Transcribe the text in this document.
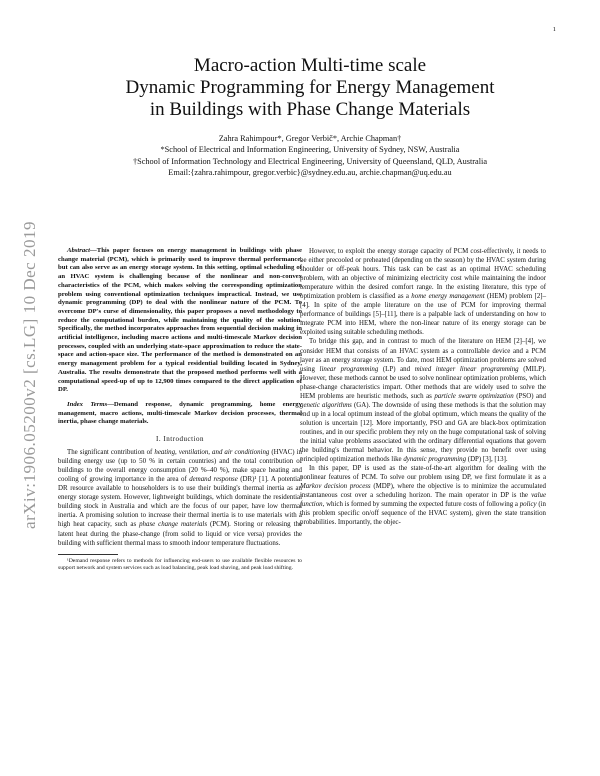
1
arXiv:1906.05200v2 [cs.LG] 10 Dec 2019
Macro-action Multi-time scale
Dynamic Programming for Energy Management
in Buildings with Phase Change Materials
Zahra Rahimpour*, Gregor Verbič*, Archie Chapman†
*School of Electrical and Information Engineering, University of Sydney, NSW, Australia
†School of Information Technology and Electrical Engineering, University of Queensland, QLD, Australia
Email:{zahra.rahimpour, gregor.verbic}@sydney.edu.au, archie.chapman@uq.edu.au

Abstract—This paper focuses on energy management in buildings with phase change material (PCM), which is primarily used to improve thermal performance, but can also serve as an energy storage system. In this setting, optimal scheduling of an HVAC system is challenging because of the nonlinear and non-convex characteristics of the PCM, which makes solving the corresponding optimization problem using conventional optimization techniques impractical. Instead, we use dynamic programming (DP) to deal with the nonlinear nature of the PCM. To overcome DP's curse of dimensionality, this paper proposes a novel methodology to reduce the computational burden, while maintaining the quality of the solution. Specifically, the method incorporates approaches from sequential decision making in artificial intelligence, including macro actions and multi-timescale Markov decision processes, coupled with an underlying state-space approximation to reduce the state-space and action-space size. The performance of the method is demonstrated on an energy management problem for a typical residential building located in Sydney, Australia. The results demonstrate that the proposed method performs well with a computational speed-up of up to 12,900 times compared to the direct application of DP.

Index Terms—Demand response, dynamic programming, home energy management, macro actions, multi-timescale Markov decision processes, thermal inertia, phase change materials.

I. Introduction

The significant contribution of heating, ventilation, and air conditioning (HVAC) in building energy use (up to 50 % in certain countries) and the total contribution of buildings to the overall energy consumption (20 %–40 %), make space heating and cooling of growing importance in the area of demand response (DR)¹ [1]. A potential DR resource available to householders is to use their building's thermal inertia as an energy storage system. However, lightweight buildings, which dominate the residential building stock in Australia and which are the focus of our paper, have low thermal inertia. A promising solution to increase their thermal inertia is to use materials with a high heat capacity, such as phase change materials (PCM). Storing or releasing the latent heat during the phase-change (from solid to liquid or vice versa) provides the building with sufficient thermal mass to smooth indoor temperature fluctuations.

¹Demand response refers to methods for influencing end-users to use available flexible resources to support network and system services such as load balancing, peak load shaving, and peak load shifting.

However, to exploit the energy storage capacity of PCM cost-effectively, it needs to be either precooled or preheated (depending on the season) by the HVAC system during shoulder or off-peak hours. This task can be cast as an optimal HVAC scheduling problem, with an objective of minimizing electricity cost while maintaining the indoor temperature within the desired comfort range. In the existing literature, this type of optimization problem is classified as a home energy management (HEM) problem [2]–[4]. In spite of the ample literature on the use of PCM for improving thermal performance of buildings [5]–[11], there is a palpable lack of understanding on how to integrate PCM into HEM, where the non-linear nature of its energy storage can be exploited using suitable scheduling methods.

To bridge this gap, and in contrast to much of the literature on HEM [2]–[4], we consider HEM that consists of an HVAC system as a controllable device and a PCM layer as an energy storage system. To date, most HEM optimization problems are solved using linear programming (LP) and mixed integer linear programming (MILP). However, these methods cannot be used to solve nonlinear optimization problems, which phase-change characteristics impart. Other methods that are widely used to solve the HEM problems are heuristic methods, such as particle swarm optimization (PSO) and genetic algorithms (GA). The downside of using these methods is that the solution may end up in a local optimum instead of the global optimum, which means the quality of the solution is uncertain [12]. More importantly, PSO and GA are black-box optimization routines, and in our specific problem they rely on the huge computational task of solving the initial value problems associated with the ordinary differential equations that govern the building's thermal behavior. In this sense, they provide no benefit over using principled optimization methods like dynamic programming (DP) [3], [13].

In this paper, DP is used as the state-of-the-art algorithm for dealing with the nonlinear features of PCM. To solve our problem using DP, we first formulate it as a Markov decision process (MDP), where the objective is to minimize the accumulated instantaneous cost over a scheduling horizon. The main operator in DP is the value function, which is formed by summing the expected future costs of following a policy (in this problem specific on/off sequence of the HVAC system), given the state transition probabilities. Importantly, the objec-
